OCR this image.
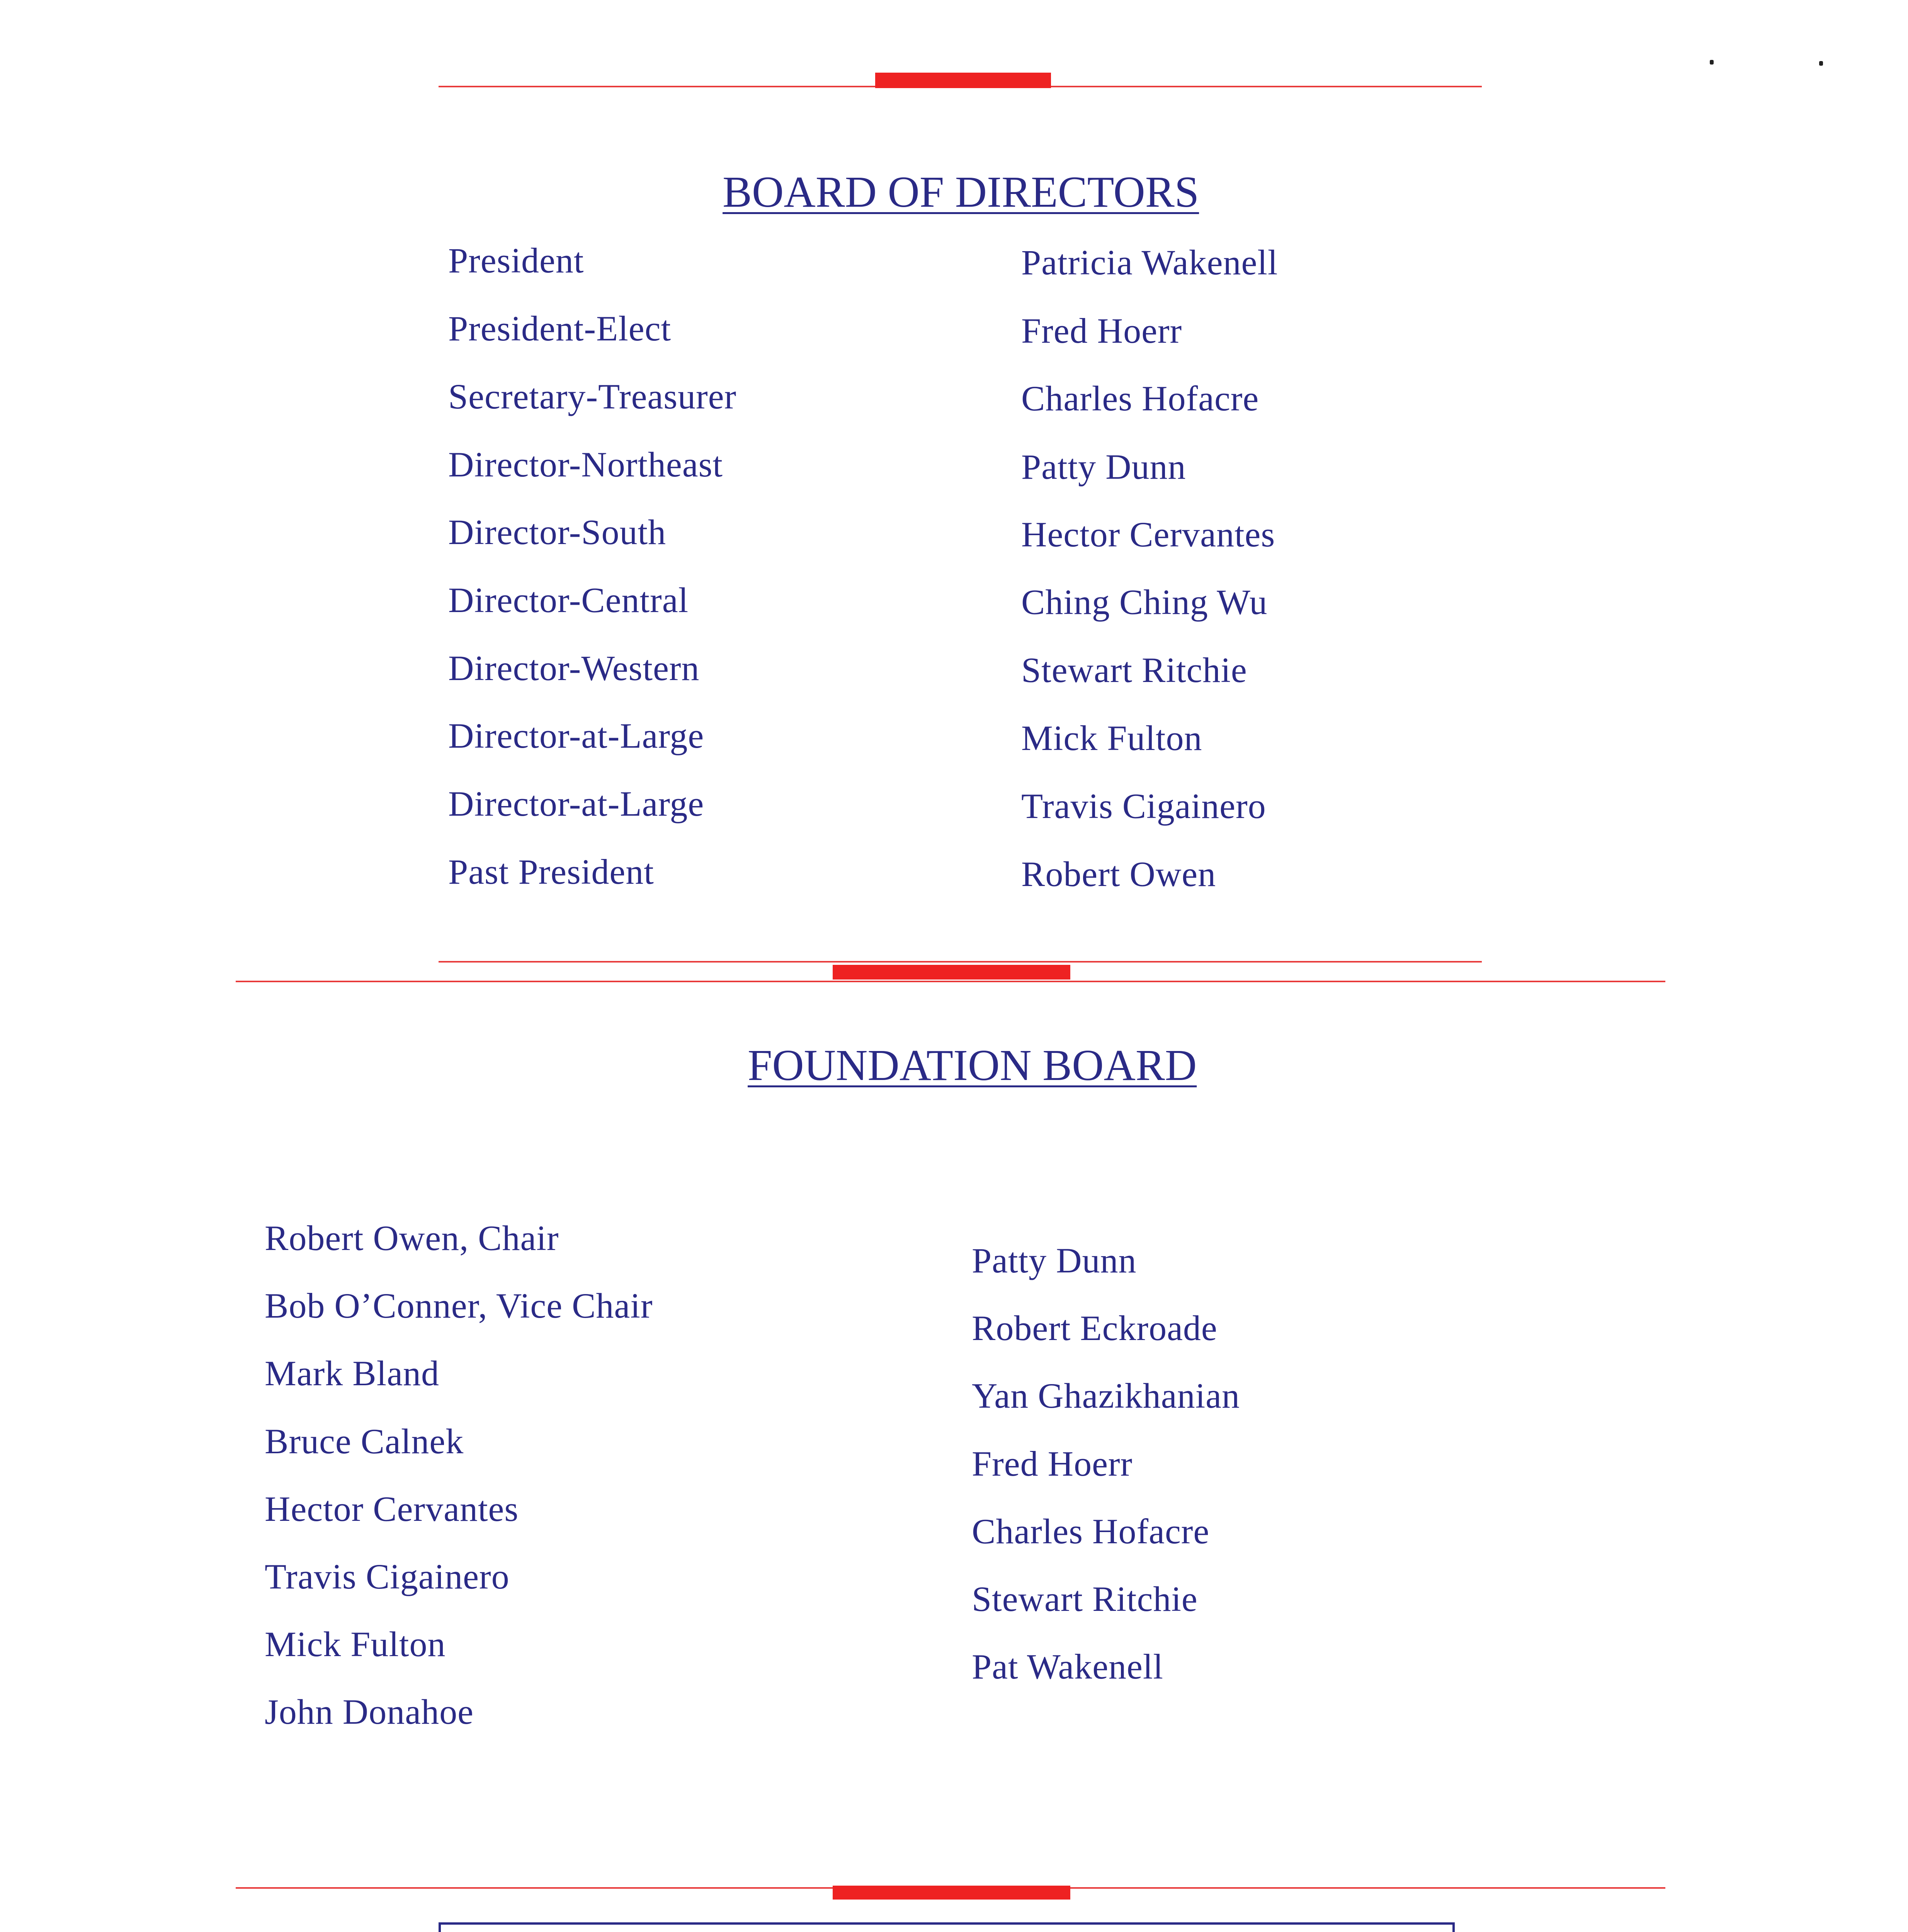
BOARD OF DIRECTORS
President	Patricia Wakenell
President-Elect	Fred Hoerr
Secretary-Treasurer	Charles Hofacre
Director-Northeast	Patty Dunn
Director-South	Hector Cervantes
Director-Central	Ching Ching Wu
Director-Western	Stewart Ritchie
Director-at-Large	Mick Fulton
Director-at-Large	Travis Cigainero
Past President	Robert Owen
FOUNDATION BOARD
Robert Owen, Chair
Bob O’Conner, Vice Chair
Mark Bland
Bruce Calnek
Hector Cervantes
Travis Cigainero
Mick Fulton
John Donahoe
Patty Dunn
Robert Eckroade
Yan Ghazikhanian
Fred Hoerr
Charles Hofacre
Stewart Ritchie
Pat Wakenell
